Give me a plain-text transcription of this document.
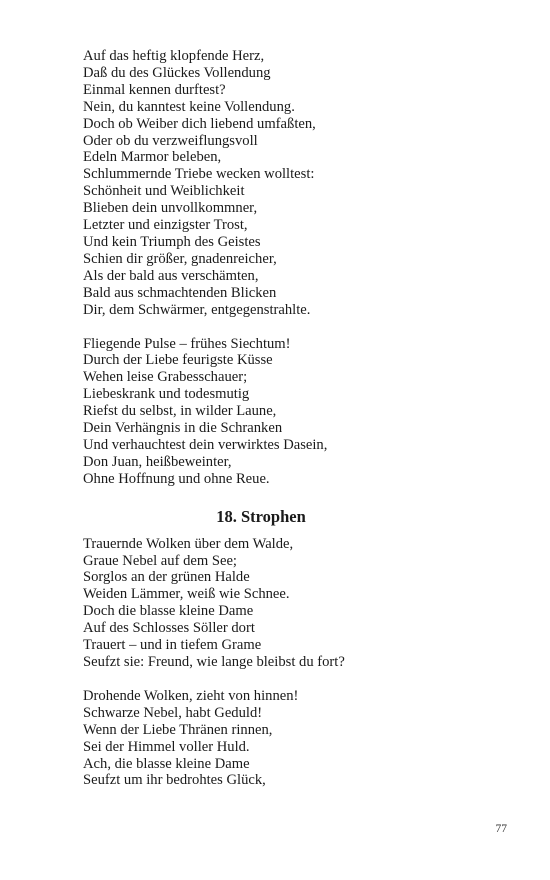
Auf das heftig klopfende Herz,
Daß du des Glückes Vollendung
Einmal kennen durftest?
Nein, du kanntest keine Vollendung.
Doch ob Weiber dich liebend umfaßten,
Oder ob du verzweiflungsvoll
Edeln Marmor beleben,
Schlummernde Triebe wecken wolltest:
Schönheit und Weiblichkeit
Blieben dein unvollkommner,
Letzter und einzigster Trost,
Und kein Triumph des Geistes
Schien dir größer, gnadenreicher,
Als der bald aus verschämten,
Bald aus schmachtenden Blicken
Dir, dem Schwärmer, entgegenstrahlte.
Fliegende Pulse – frühes Siechtum!
Durch der Liebe feurigste Küsse
Wehen leise Grabesschauer;
Liebeskrank und todesmutig
Riefst du selbst, in wilder Laune,
Dein Verhängnis in die Schranken
Und verhauchtest dein verwirktes Dasein,
Don Juan, heißbeweinter,
Ohne Hoffnung und ohne Reue.
18. Strophen
Trauernde Wolken über dem Walde,
Graue Nebel auf dem See;
Sorglos an der grünen Halde
Weiden Lämmer, weiß wie Schnee.
Doch die blasse kleine Dame
Auf des Schlosses Söller dort
Trauert – und in tiefem Grame
Seufzt sie: Freund, wie lange bleibst du fort?
Drohende Wolken, zieht von hinnen!
Schwarze Nebel, habt Geduld!
Wenn der Liebe Thränen rinnen,
Sei der Himmel voller Huld.
Ach, die blasse kleine Dame
Seufzt um ihr bedrohtes Glück,
77
